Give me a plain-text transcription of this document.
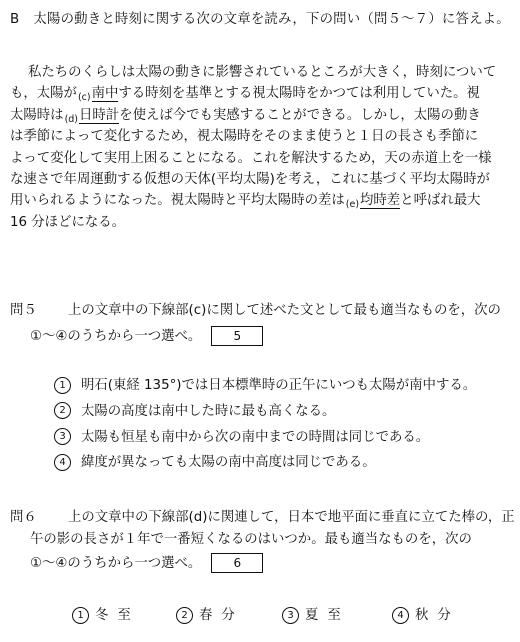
B 太陽の動きと時刻に関する次の文章を読み，下の問い（問５～７）に答えよ。
私たちのくらしは太陽の動きに影響されているところが大きく，時刻について
も，太陽が$_{(c)}$南中する時刻を基準とする視太陽時をかつては利用していた。視
太陽時は$_{(d)}$日時計を使えば今でも実感することができる。しかし，太陽の動き
は季節によって変化するため，視太陽時をそのまま使うと１日の長さも季節に
よって変化して実用上困ることになる。これを解決するため，天の赤道上を一様
な速さで年周運動する仮想の天体(平均太陽)を考え，これに基づく平均太陽時が
用いられるようになった。視太陽時と平均太陽時の差は$_{(e)}$均時差と呼ばれ最大
16 分ほどになる。
問５ 上の文章中の下線部(c)に関して述べた文として最も適当なものを，次の
①～④のうちから一つ選べ。	5
1 明石(東経 135°)では日本標準時の正午にいつも太陽が南中する。
2 太陽の高度は南中した時に最も高くなる。
3 太陽も恒星も南中から次の南中までの時間は同じである。
4 緯度が異なっても太陽の南中高度は同じである。
問６ 上の文章中の下線部(d)に関連して，日本で地平面に垂直に立てた棒の，正
午の影の長さが１年で一番短くなるのはいつか。最も適当なものを，次の
①～④のうちから一つ選べ。	6
1 冬至	2 春分	3 夏至	4 秋分
